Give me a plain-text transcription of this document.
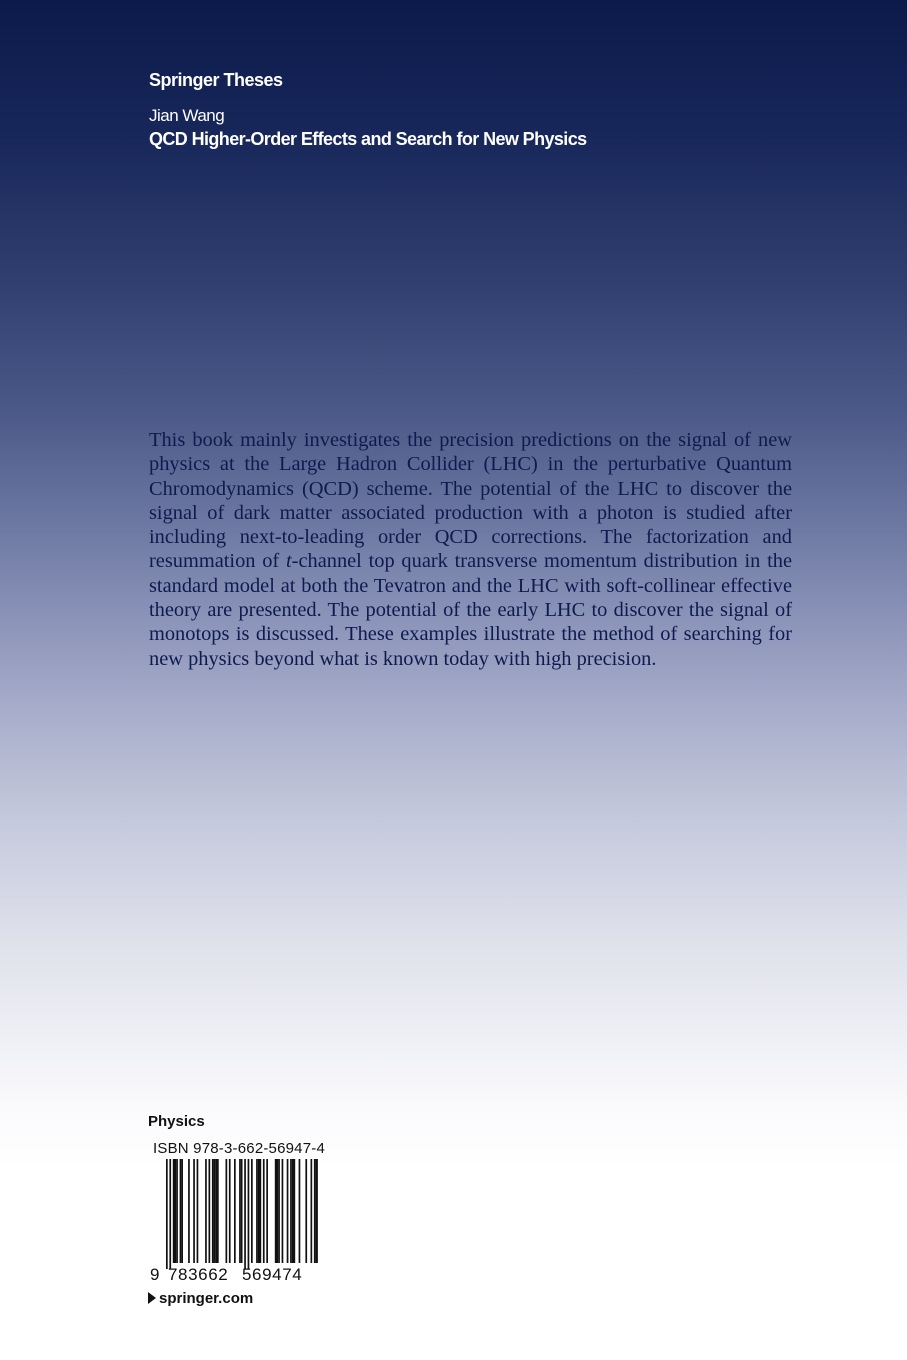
Springer Theses

Jian Wang

QCD Higher-Order Effects and Search for New Physics

This book mainly investigates the precision predictions on the signal of new physics at the Large Hadron Collider (LHC) in the perturbative Quantum Chromodynamics (QCD) scheme. The potential of the LHC to discover the signal of dark matter associated production with a photon is studied after including next-to-leading order QCD corrections. The factorization and resummation of t-channel top quark transverse momentum distribution in the standard model at both the Tevatron and the LHC with soft-collinear effective theory are presented. The potential of the early LHC to discover the signal of monotops is discussed. These examples illustrate the method of searching for new physics beyond what is known today with high precision.

Physics
ISBN 978-3-662-56947-4
9 783662 569474
springer.com
